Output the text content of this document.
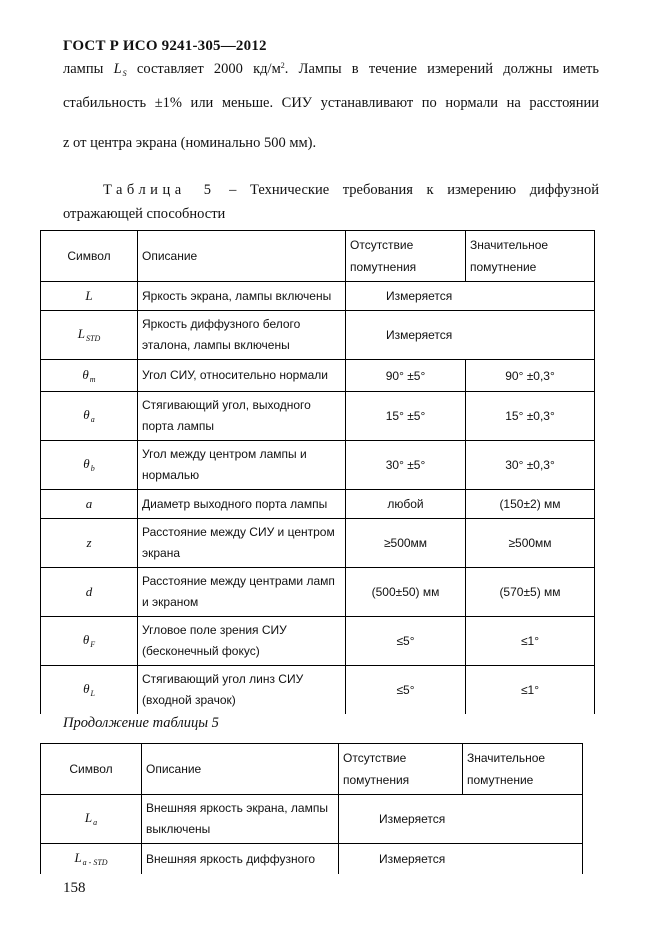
ГОСТ Р ИСО 9241-305—2012
лампы $L_S$ составляет 2000 $кд/м^2$. Лампы в течение измерений должны иметь
стабильность ±1% или меньше. СИУ устанавливают по нормали на расстоянии
z от центра экрана (номинально 500 мм).
Таблица 5 – Технические требования к измерению диффузной
отражающей способности
Символ	Описание	Отсутствие помутнения	Значительное помутнение
L	Яркость экрана, лампы включены	Измеряется	
$L_{STD}$	Яркость диффузного белого эталона, лампы включены	Измеряется	
$\theta_m$	Угол СИУ, относительно нормали	90° ±5°	90° ±0,3°
$\theta_a$	Стягивающий угол, выходного порта лампы	15° ±5°	15° ±0,3°
$\theta_b$	Угол между центром лампы и нормалью	30° ±5°	30° ±0,3°
a	Диаметр выходного порта лампы	любой	(150±2) мм
z	Расстояние между СИУ и центром экрана	≥500мм	≥500мм
d	Расстояние между центрами ламп и экраном	(500±50) мм	(570±5) мм
$\theta_F$	Угловое поле зрения СИУ (бесконечный фокус)	≤5°	≤1°
$\theta_L$	Стягивающий угол линз СИУ (входной зрачок)	≤5°	≤1°
Продолжение таблицы 5
Символ	Описание	Отсутствие помутнения	Значительное помутнение
$L_a$	Внешняя яркость экрана, лампы выключены	Измеряется	
$L_{a - STD}$	Внешняя яркость диффузного	Измеряется	
158
